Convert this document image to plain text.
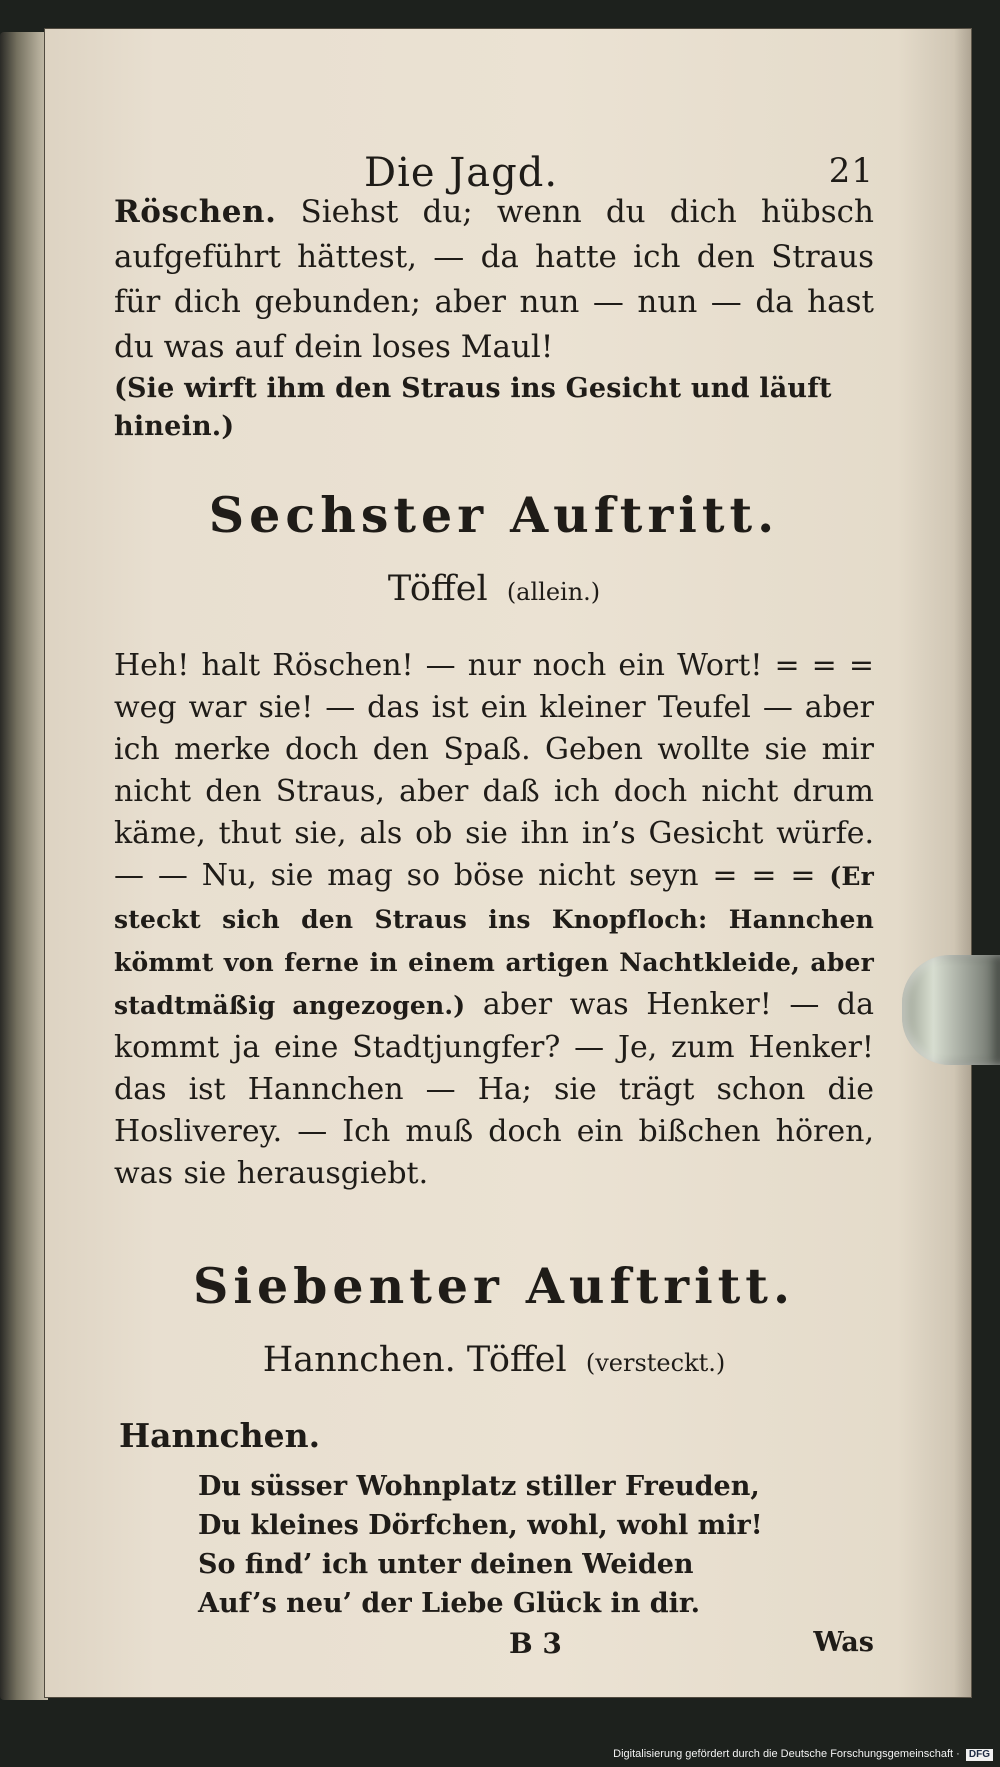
Die Jagd.	21

Röschen. Siehst du; wenn du dich hübsch aufgeführt hättest, — da hatte ich den Straus für dich gebunden; aber nun — nun — da hast du was auf dein loses Maul!

(Sie wirft ihm den Straus ins Gesicht und läuft hinein.)

Sechster Auftritt.
Töffel (allein.)

Heh! halt Röschen! — nur noch ein Wort! = = = weg war sie! — das ist ein kleiner Teufel — aber ich merke doch den Spaß. Geben wollte sie mir nicht den Straus, aber daß ich doch nicht drum käme, thut sie, als ob sie ihn in’s Gesicht würfe. — — Nu, sie mag so böse nicht seyn = = = (Er steckt sich den Straus ins Knopfloch: Hannchen kömmt von ferne in einem artigen Nachtkleide, aber stadtmäßig angezogen.) aber was Henker! — da kommt ja eine Stadtjungfer? — Je, zum Henker! das ist Hannchen — Ha; sie trägt schon die Hosliverey. — Ich muß doch ein bißchen hören, was sie herausgiebt.

Siebenter Auftritt.
Hannchen. Töffel (versteckt.)
Hannchen.
Du süsser Wohnplatz stiller Freuden,
Du kleines Dörfchen, wohl, wohl mir!
So find’ ich unter deinen Weiden
Auf’s neu’ der Liebe Glück in dir.
B 3	Was
Digitalisierung gefördert durch die Deutsche Forschungsgemeinschaft · DFG
